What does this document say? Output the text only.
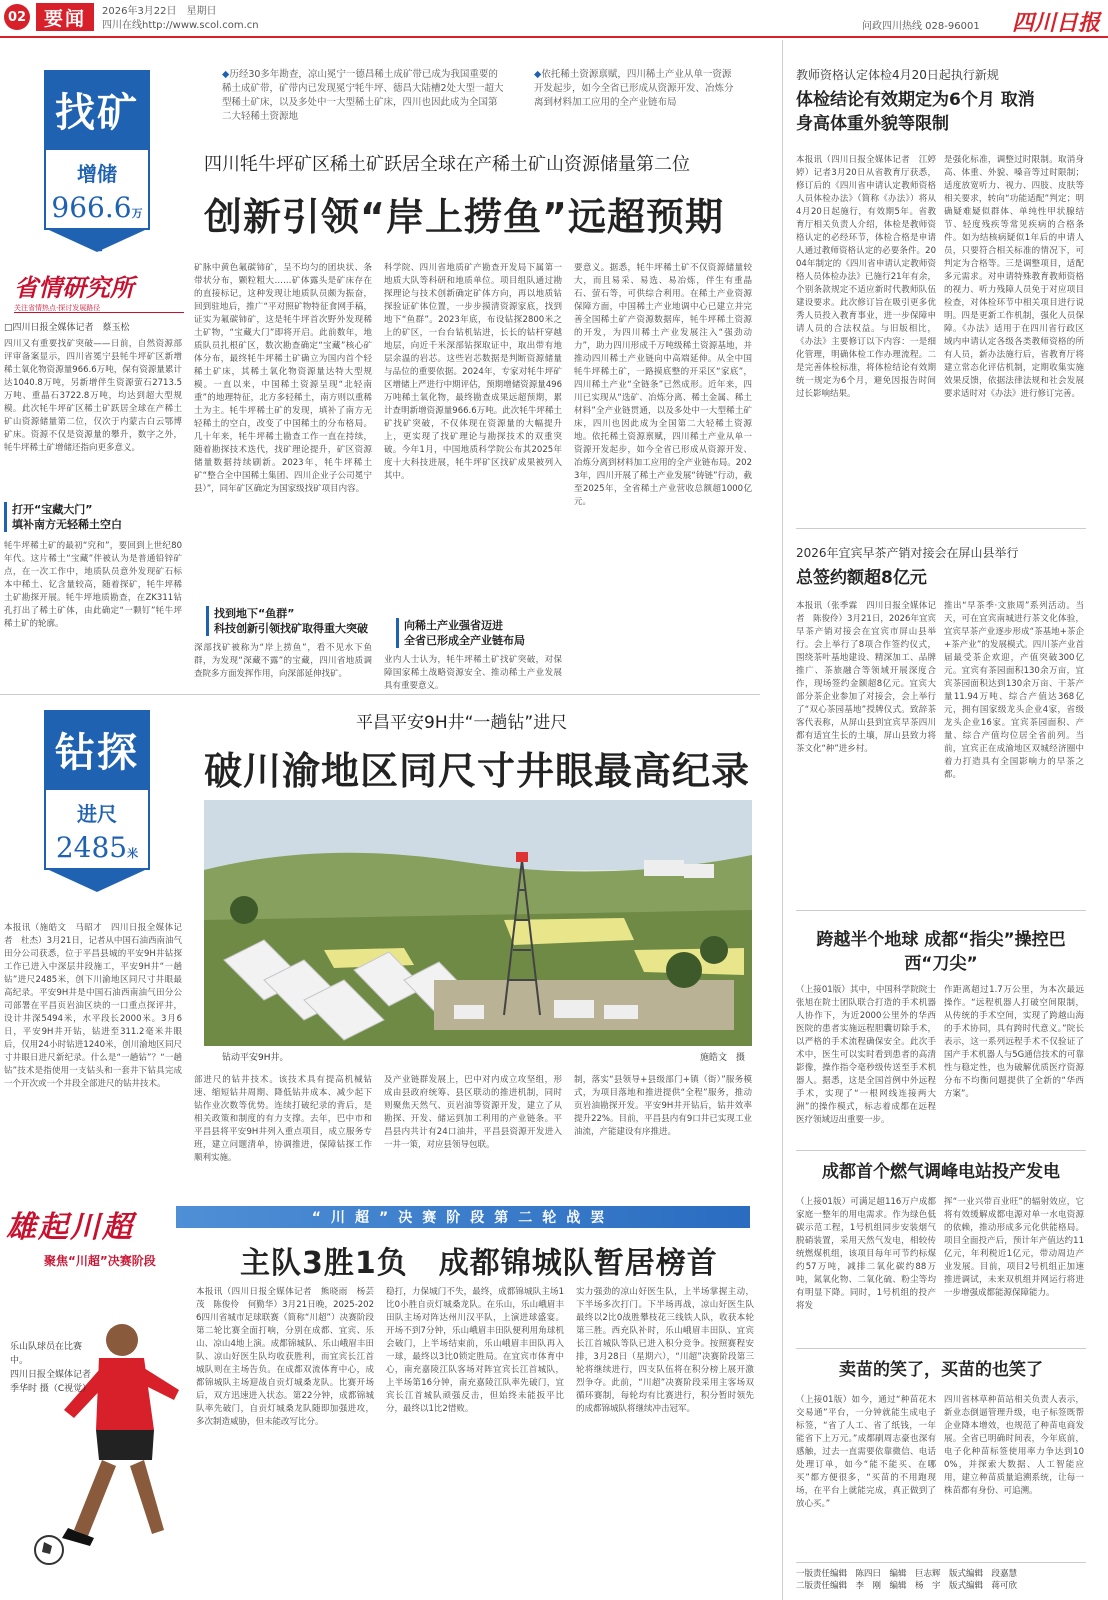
02 要闻	2026年3月22日　星期日
四川在线http://www.scol.com.cn	问政四川热线 028-96001 四川日报
找矿
增储
966.6万吨
◆历经30多年勘查，凉山冕宁一德昌稀土成矿带已成为我国重要的稀土成矿带，矿带内已发现冕宁牦牛坪、德昌大陆槽2处大型一超大型稀土矿床，以及多处中一大型稀土矿床，四川也因此成为全国第二大轻稀土资源地
◆依托稀土资源禀赋，四川稀土产业从单一资源开发起步，如今全省已形成从资源开发、冶炼分离到材料加工应用的全产业链布局
四川牦牛坪矿区稀土矿跃居全球在产稀土矿山资源储量第二位
创新引领“岸上捞鱼”远超预期
省情研究所
关注省情热点·探讨发展路径
□四川日报全媒体记者　蔡玉松
四川又有重要找矿突破——日前，自然资源部评审备案显示，四川省冕宁县牦牛坪矿区新增稀土氧化物资源量966.6万吨，保有资源量累计达1040.8万吨，另新增伴生资源萤石2713.5万吨、重晶石3722.8万吨，均达到超大型规模。此次牦牛坪矿区稀土矿跃居全球在产稀土矿山资源储量第二位，仅次于内蒙古白云鄂博矿床。资源不仅是资源量的攀升，数字之外，牦牛坪稀土矿增储还指向更多意义。
打开“宝藏大门”
填补南方无轻稀土空白
牦牛坪稀土矿的最初“究和”，要回到上世纪80年代。这片稀土“宝藏”伴被认为是普通铅锌矿点，在一次工作中，地质队员意外发现矿石标本中稀土、钇含量较高，随着探矿，牦牛坪稀土矿勘探开展。牦牛坪地质勘查，在ZK311钻孔打出了稀土矿体，由此确定“一颗钉”牦牛坪稀土矿的轮廓。
矿脉中黄色氟碳铈矿，呈不均匀的团块状、条带状分布，颗粒粗大……矿体露头是矿床存在的直接标记，这种发现让地质队员颇为振奋，回到驻地后，推广“平对照矿物特征食网手稿，证实为氟碳铈矿，这是牦牛坪首次野外发现稀土矿物，“宝藏大门”即将开启。此前数年，地质队员扎根矿区，数次勘查确定“宝藏”核心矿体分布，最终牦牛坪稀土矿确立为国内首个轻稀土矿床，其稀土氧化物资源量达特大型规模。一直以来，中国稀土资源呈现“北轻南重”的地理特征，北方多轻稀土，南方则以重稀土为主。牦牛坪稀土矿的发现，填补了南方无轻稀土的空白，改变了中国稀土的分布格局。几十年来，牦牛坪稀土勘查工作一直在持续，随着勘探技术迭代，找矿理论提升，矿区资源储量数据持续刷新。2023年，牦牛坪稀土矿“整合全中国稀土集团、四川企业子公司冕宁县）”，同年矿区确定为国家级找矿项目内容。
找到地下“鱼群”
科技创新引领找矿取得重大突破
深部找矿被称为“岸上捞鱼”，看不见水下鱼群，为发现“深藏不露”的宝藏，四川省地质调查院多方面发挥作用，向深部延伸找矿。
科学院、四川省地质矿产勘查开发局下属第一地质大队等科研和地质单位。项目组队通过勘探理论与技术创新确定矿体方向，再以地质钻探验证矿体位置，一步步摸清资源家底，找到地下“鱼群”。2023年底，布设钻探2800米之上的矿区，一台台钻机钻进，长长的钻杆穿越地层，向近千米深部钻探取证中，取出带有地层余温的岩芯。这些岩芯数据是判断资源储量与品位的重要依据。2024年，专家对牦牛坪矿区增储上严进行中期评估，预期增储资源量496万吨稀土氧化物，最终勘查成果远超预期，累计查明新增资源量966.6万吨。此次牦牛坪稀土矿找矿突破，不仅体现在资源量的大幅提升上，更实现了找矿理论与勘探技术的双重突破。今年1月，中国地质科学院公布其2025年度十大科技进展，牦牛坪矿区找矿成果被列入其中。
向稀土产业强省迈进
全省已形成全产业链布局
业内人士认为，牦牛坪稀土矿找矿突破，对保障国家稀土战略资源安全、推动稀土产业发展具有重要意义。
要意义。据悉，牦牛坪稀土矿不仅资源储量较大，而且易采、易选、易冶炼，伴生有重晶石、萤石等，可供综合利用。在稀土产业资源保障方面，中国稀土产业地调中心已建立并完善全国稀土矿产资源数据库，牦牛坪稀土资源的开发，为四川稀土产业发展注入“强劲动力”，助力四川形成千万吨级稀土资源基地，并推动四川稀土产业链向中高端延伸。从全中国牦牛坪稀土矿，一路摸底整的开采区“家底”，四川稀土产业“全链条”已然成形。近年来，四川已实现从“选矿、冶炼分离、稀土金属、稀土材料”全产业链贯通，以及多处中一大型稀土矿床，四川也因此成为全国第二大轻稀土资源地。依托稀土资源禀赋，四川稀土产业从单一资源开发起步，如今全省已形成从资源开发、冶炼分离到材料加工应用的全产业链布局。2023年，四川开展了稀土产业发展“铸链”行动，截至2025年，全省稀土产业营收总额超1000亿元。
钻探
进尺
2485米
平昌平安9H井“一趟钻”进尺
破川渝地区同尺寸井眼最高纪录
钻动平安9H井。	施皓文　摄
本报讯（施皓文　马昭才　四川日报全媒体记者　杜杰）3月21日，记者从中国石油西南油气田分公司获悉，位于平昌县城的平安9H井钻探工作已进入中深层井段施工，平安9H井“一趟钻”进尺2485米，创下川渝地区同尺寸井眼最高纪录。平安9H井是中国石油西南油气田分公司部署在平昌页岩油区块的一口重点探评井，设计井深5494米，水平段长2000米。3月6日，平安9H井开钻，钻进至311.2毫米井眼后，仅用24小时钻进1240米，创川渝地区同尺寸井眼日进尺新纪录。什么是“一趟钻”？“一趟钻”技术是指使用一支钻头和一套井下钻具完成一个开次或一个井段全部进尺的钻井技术。	部进尺的钻井技术。该技术具有提高机械钻速、缩短钻井周期、降低钻井成本、减少起下钻作业次数等优势。连续打破纪录的背后，是相关政策和制度的有力支撑。去年，巴中市和平昌县将平安9H井列入重点项目，成立服务专班，建立问题清单，协调推进，保障钻探工作顺利实施。
及产业链群发展上，巴中对内成立攻坚组，形成由县政府统筹、县区联动的推进机制，同时则聚焦天然气、页岩油等资源开发，建立了从勘探、开发、储运到加工利用的产业链条。平昌县内共计有24口油井，平昌县资源开发进入一井一策，对应县领导包联。
制，落实“县领导+县级部门+镇（街）”服务模式，为项目落地和推进提供“全程”服务，推动页岩油勘探开发。平安9H井开钻后，钻井效率提升22%。目前，平昌县内有9口井已实现工业油流，产能建设有序推进。
雄起川超
聚焦“川超”决赛阶段
“川超”决赛阶段第二轮战罢
主队3胜1负　成都锦城队暂居榜首
乐山队球员在比赛中。
四川日报全媒体记者　季华时 摄（C视觉）
本报讯（四川日报全媒体记者　熊晓雨　杨芸茂　陈俊伶　何勤华）3月21日晚，2025-2026四川省城市足球联赛（简称“川超”）决赛阶段第二轮比赛全面打响，分别在成都、宜宾、乐山、凉山4地上演。成都锦城队、乐山峨眉丰田队、凉山好医生队均收获胜利，而宜宾长江首城队则在主场告负。在成都双流体育中心，成都锦城队主场迎战自贡灯城桑龙队。比赛开场后，双方迅速进入状态。第22分钟，成都锦城队率先破门，自贡灯城桑龙队随即加强进攻，多次制造威胁，但未能改写比分。
稳打，力保城门不失，最终，成都锦城队主场1比0小胜自贡灯城桑龙队。在乐山，乐山峨眉丰田队主场对阵达州川汉平队，上演进球盛宴。开场不到7分钟，乐山峨眉丰田队便利用角球机会破门，上半场结束前，乐山峨眉丰田队再入一球，最终以3比0锁定胜局。在宜宾市体育中心，南充嘉陵江队客场对阵宜宾长江首城队，上半场第16分钟，南充嘉陵江队率先破门，宜宾长江首城队顽强反击，但始终未能扳平比分，最终以1比2惜败。
实力强劲的凉山好医生队，上半场掌握主动，下半场多次打门。下半场再战，凉山好医生队最终以2比0战胜攀枝花三线铁人队，收获本轮第三胜。西充队补时，乐山峨眉丰田队、宜宾长江首城队等队已进入积分竞争。按照赛程安排，3月28日（星期六），“川超”决赛阶段第三轮将继续进行，四支队伍将在积分榜上展开激烈争夺。此前，“川超”决赛阶段采用主客场双循环赛制，每轮均有比赛进行，积分暂时领先的成都锦城队将继续冲击冠军。
教师资格认定体检4月20日起执行新规
体检结论有效期定为6个月 取消身高体重外貌等限制
本报讯（四川日报全媒体记者　江婷婷）记者3月20日从省教育厅获悉，修订后的《四川省申请认定教师资格人员体检办法》（简称《办法》）将从4月20日起施行，有效期5年。省教育厅相关负责人介绍，体检是教师资格认定的必经环节，体检合格是申请人通过教师资格认定的必要条件。2004年制定的《四川省申请认定教师资格人员体检办法》已施行21年有余，个别条款规定不适应新时代教师队伍建设要求。此次修订旨在吸引更多优秀人员投入教育事业，进一步保障申请人员的合法权益。与旧版相比，《办法》主要修订以下内容：一是细化管理，明确体检工作办理流程。二是完善体检标准，将体检结论有效期统一规定为6个月，避免因报告时间过长影响结果。
是强化标准，调整过时限制。取消身高、体重、外貌、嗓音等过时限制；适度放宽听力、视力、四肢、皮肤等相关要求，转向“功能适配”判定；明确疑难疑似群体、单纯性甲状腺结节、轻度残疾等常见疾病的合格条件。如为结核病疑似1年后的申请人员，只要符合相关标准的情况下，可判定为合格等。三是调整项目，适配多元需求。对申请特殊教育教师资格的视力、听力残障人员免于对应项目检查，对体检环节中相关项目进行说明。四是更新工作机制，强化人员保障。《办法》适用于在四川省行政区域内申请认定各级各类教师资格的所有人员，新办法施行后，省教育厅将建立常态化评估机制，定期收集实施效果反馈，依据法律法规和社会发展要求适时对《办法》进行修订完善。
2026年宜宾早茶产销对接会在屏山县举行
总签约额超8亿元
本报讯（张季霖　四川日报全媒体记者　陈俊伶）3月21日，2026年宜宾早茶产销对接会在宜宾市屏山县举行。会上举行了8项合作签约仪式，围绕茶叶基地建设、精深加工、品牌推广、茶旅融合等领域开展深度合作，现场签约金额超8亿元。宜宾大部分茶企业参加了对接会，会上举行了“双心茶园基地”授牌仪式。致辞茶客代表称，从屏山县到宜宾早茶四川都有适宜生长的土壤，屏山县致力将茶文化“种”进乡村。
推出“早茶季·文旅周”系列活动。当天，可在宜宾南城进行茶文化体验，宜宾早茶产业逐步形成“茶基地+茶企+茶产业”的发展模式。四川茶产业首届最受茶企欢迎，产值突破300亿元。宜宾有茶园面积130余万亩，宜宾茶园面积达到130余万亩、干茶产量11.94万吨、综合产值达368亿元，拥有国家级龙头企业4家，省级龙头企业16家。宜宾茶园面积、产量、综合产值均位居全省前列。当前，宜宾正在成渝地区双城经济圈中着力打造具有全国影响力的早茶之都。
跨越半个地球 成都“指尖”操控巴西“刀尖”
（上接01版）其中，中国科学院院士张旭在院士团队联合打造的手术机器人协作下，为近2000公里外的华西医院的患者实施远程胆囊切除手术，以严格的手术流程确保安全。此次手术中，医生可以实时看到患者的高清影像，操作指令毫秒级传送至手术机器人。据悉，这是全国首例中外远程手术，实现了“一根网线连接两大洲”的操作模式，标志着成都在远程医疗领域迈出重要一步。
作距离超过1.7万公里，为本次最远操作。“远程机器人打破空间限制，从传统的手术空间，实现了跨越山海的手术协同，具有跨时代意义。”院长表示，这一系列远程手术不仅验证了国产手术机器人与5G通信技术的可靠性与稳定性，也为破解优质医疗资源分布不均衡问题提供了全新的“华西方案”。
成都首个燃气调峰电站投产发电
（上接01版）可满足超116万户成都家庭一整年的用电需求。作为绿色低碳示范工程，1号机组同步安装烟气脱硝装置，采用天然气发电，相较传统燃煤机组，该项目每年可节约标煤约57万吨，减排二氧化碳约88万吨，氮氧化物、二氧化硫、粉尘等均有明显下降。同时，1号机组的投产将发
挥“一业兴带百业旺”的辐射效应，它将有效缓解成都电源对单一水电资源的依赖，推动形成多元化供能格局。项目全面投产后，预计年产值达约11亿元，年利税近1亿元，带动周边产业发展。目前，项目2号机组正加速推进调试，未来双机组并网运行将进一步增强成都能源保障能力。
卖苗的笑了，买苗的也笑了
（上接01版）如今，通过“种苗花木交易通”平台，一分钟就能生成电子标签，“省了人工、省了纸钱，一年能省下上万元。”成都刷周志豪也深有感触，过去一直需要依靠微信、电话处理订单，如今“能不能买、在哪买”都方便很多，“买苗的不用跑现场，在平台上就能完成，真正做到了放心买。”
四川省林草种苗站相关负责人表示，新业态倒逼管理升级，电子标签既帮企业降本增效，也规范了种苗电商发展。全省已明确时间表，今年底前，电子化种苗标签使用率力争达到100%，并探索大数据、人工智能应用，建立种苗质量追溯系统，让每一株苗都有身份、可追溯。
一版责任编辑　陈四曰　编辑　巨志辉　版式编辑　段嘉慧
二版责任编辑　李　刚　编辑　杨　宇　版式编辑　蒋可欣
